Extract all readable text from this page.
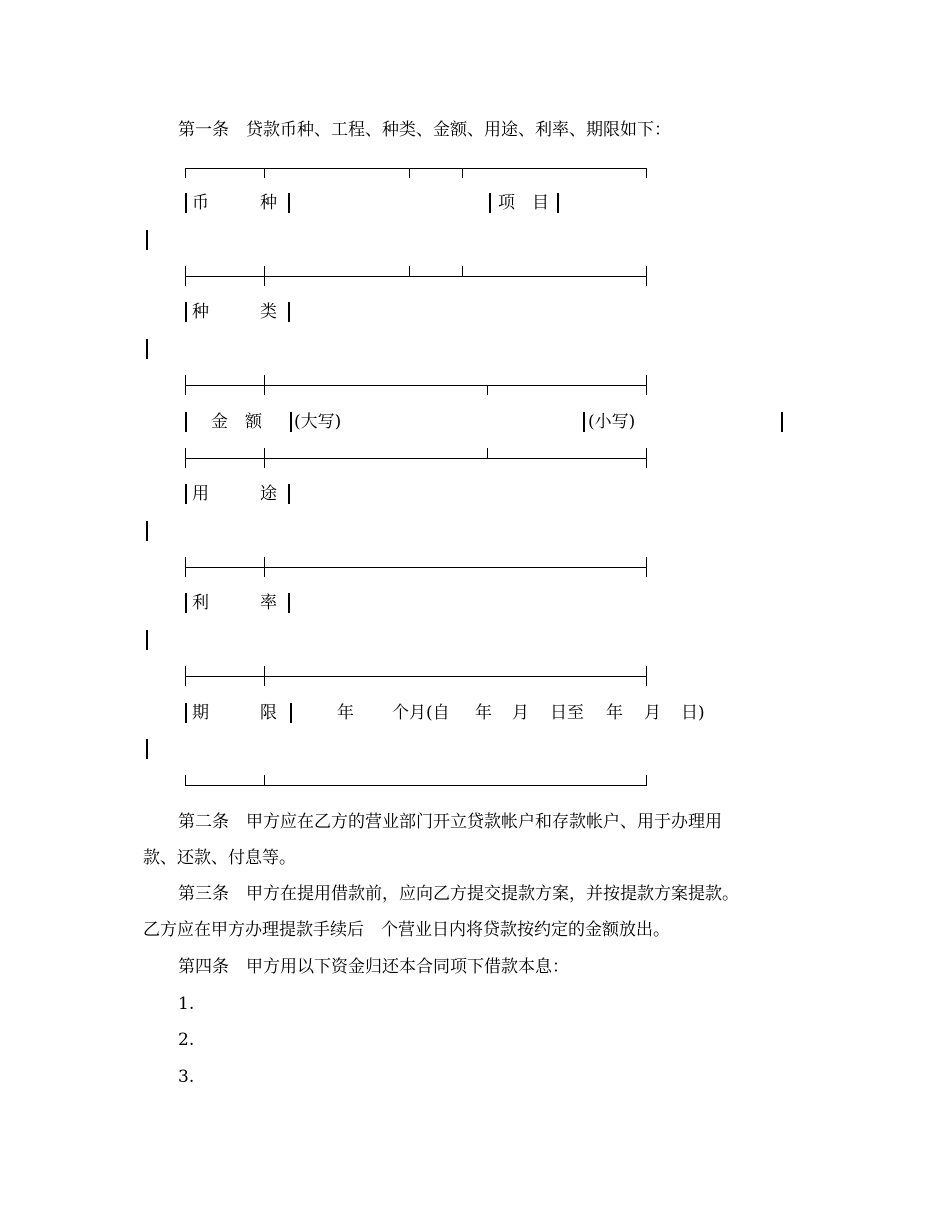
第一条　贷款币种、工程、种类、金额、用途、利率、期限如下：
币　　　种	项　目
种　　　类
金　额 (大写)	(小写)
用　　　途
利　　　率
期　　　限	年 个月(自 年 月 日至 年 月 日)
第二条　甲方应在乙方的营业部门开立贷款帐户和存款帐户、用于办理用
款、还款、付息等。
第三条　甲方在提用借款前，应向乙方提交提款方案，并按提款方案提款。
乙方应在甲方办理提款手续后　个营业日内将贷款按约定的金额放出。
第四条　甲方用以下资金归还本合同项下借款本息：
1.
2.
3.
